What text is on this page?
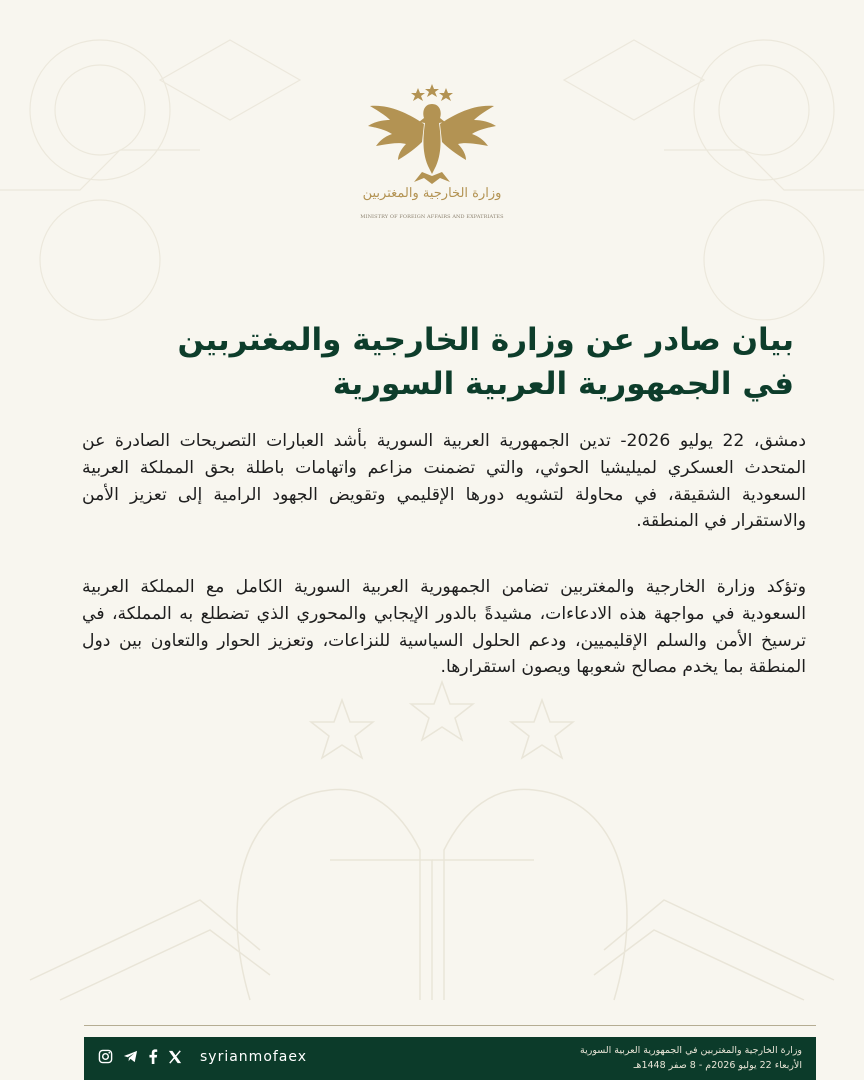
وزارة الخارجية والمغتربين
MINISTRY OF FOREIGN AFFAIRS AND EXPATRIATES
بيان صادر عن وزارة الخارجية والمغتربين
في الجمهورية العربية السورية

دمشق، 22 يوليو 2026- تدين الجمهورية العربية السورية بأشد العبارات التصريحات الصادرة عن المتحدث العسكري لميليشيا الحوثي، والتي تضمنت مزاعم واتهامات باطلة بحق المملكة العربية السعودية الشقيقة، في محاولة لتشويه دورها الإقليمي وتقويض الجهود الرامية إلى تعزيز الأمن والاستقرار في المنطقة.

وتؤكد وزارة الخارجية والمغتربين تضامن الجمهورية العربية السورية الكامل مع المملكة العربية السعودية في مواجهة هذه الادعاءات، مشيدةً بالدور الإيجابي والمحوري الذي تضطلع به المملكة، في ترسيخ الأمن والسلم الإقليميين، ودعم الحلول السياسية للنزاعات، وتعزيز الحوار والتعاون بين دول المنطقة بما يخدم مصالح شعوبها ويصون استقرارها.

syrianmofaex	وزارة الخارجية والمغتربين في الجمهورية العربية السورية
الأربعاء 22 يوليو 2026م - 8 صفر 1448هـ
